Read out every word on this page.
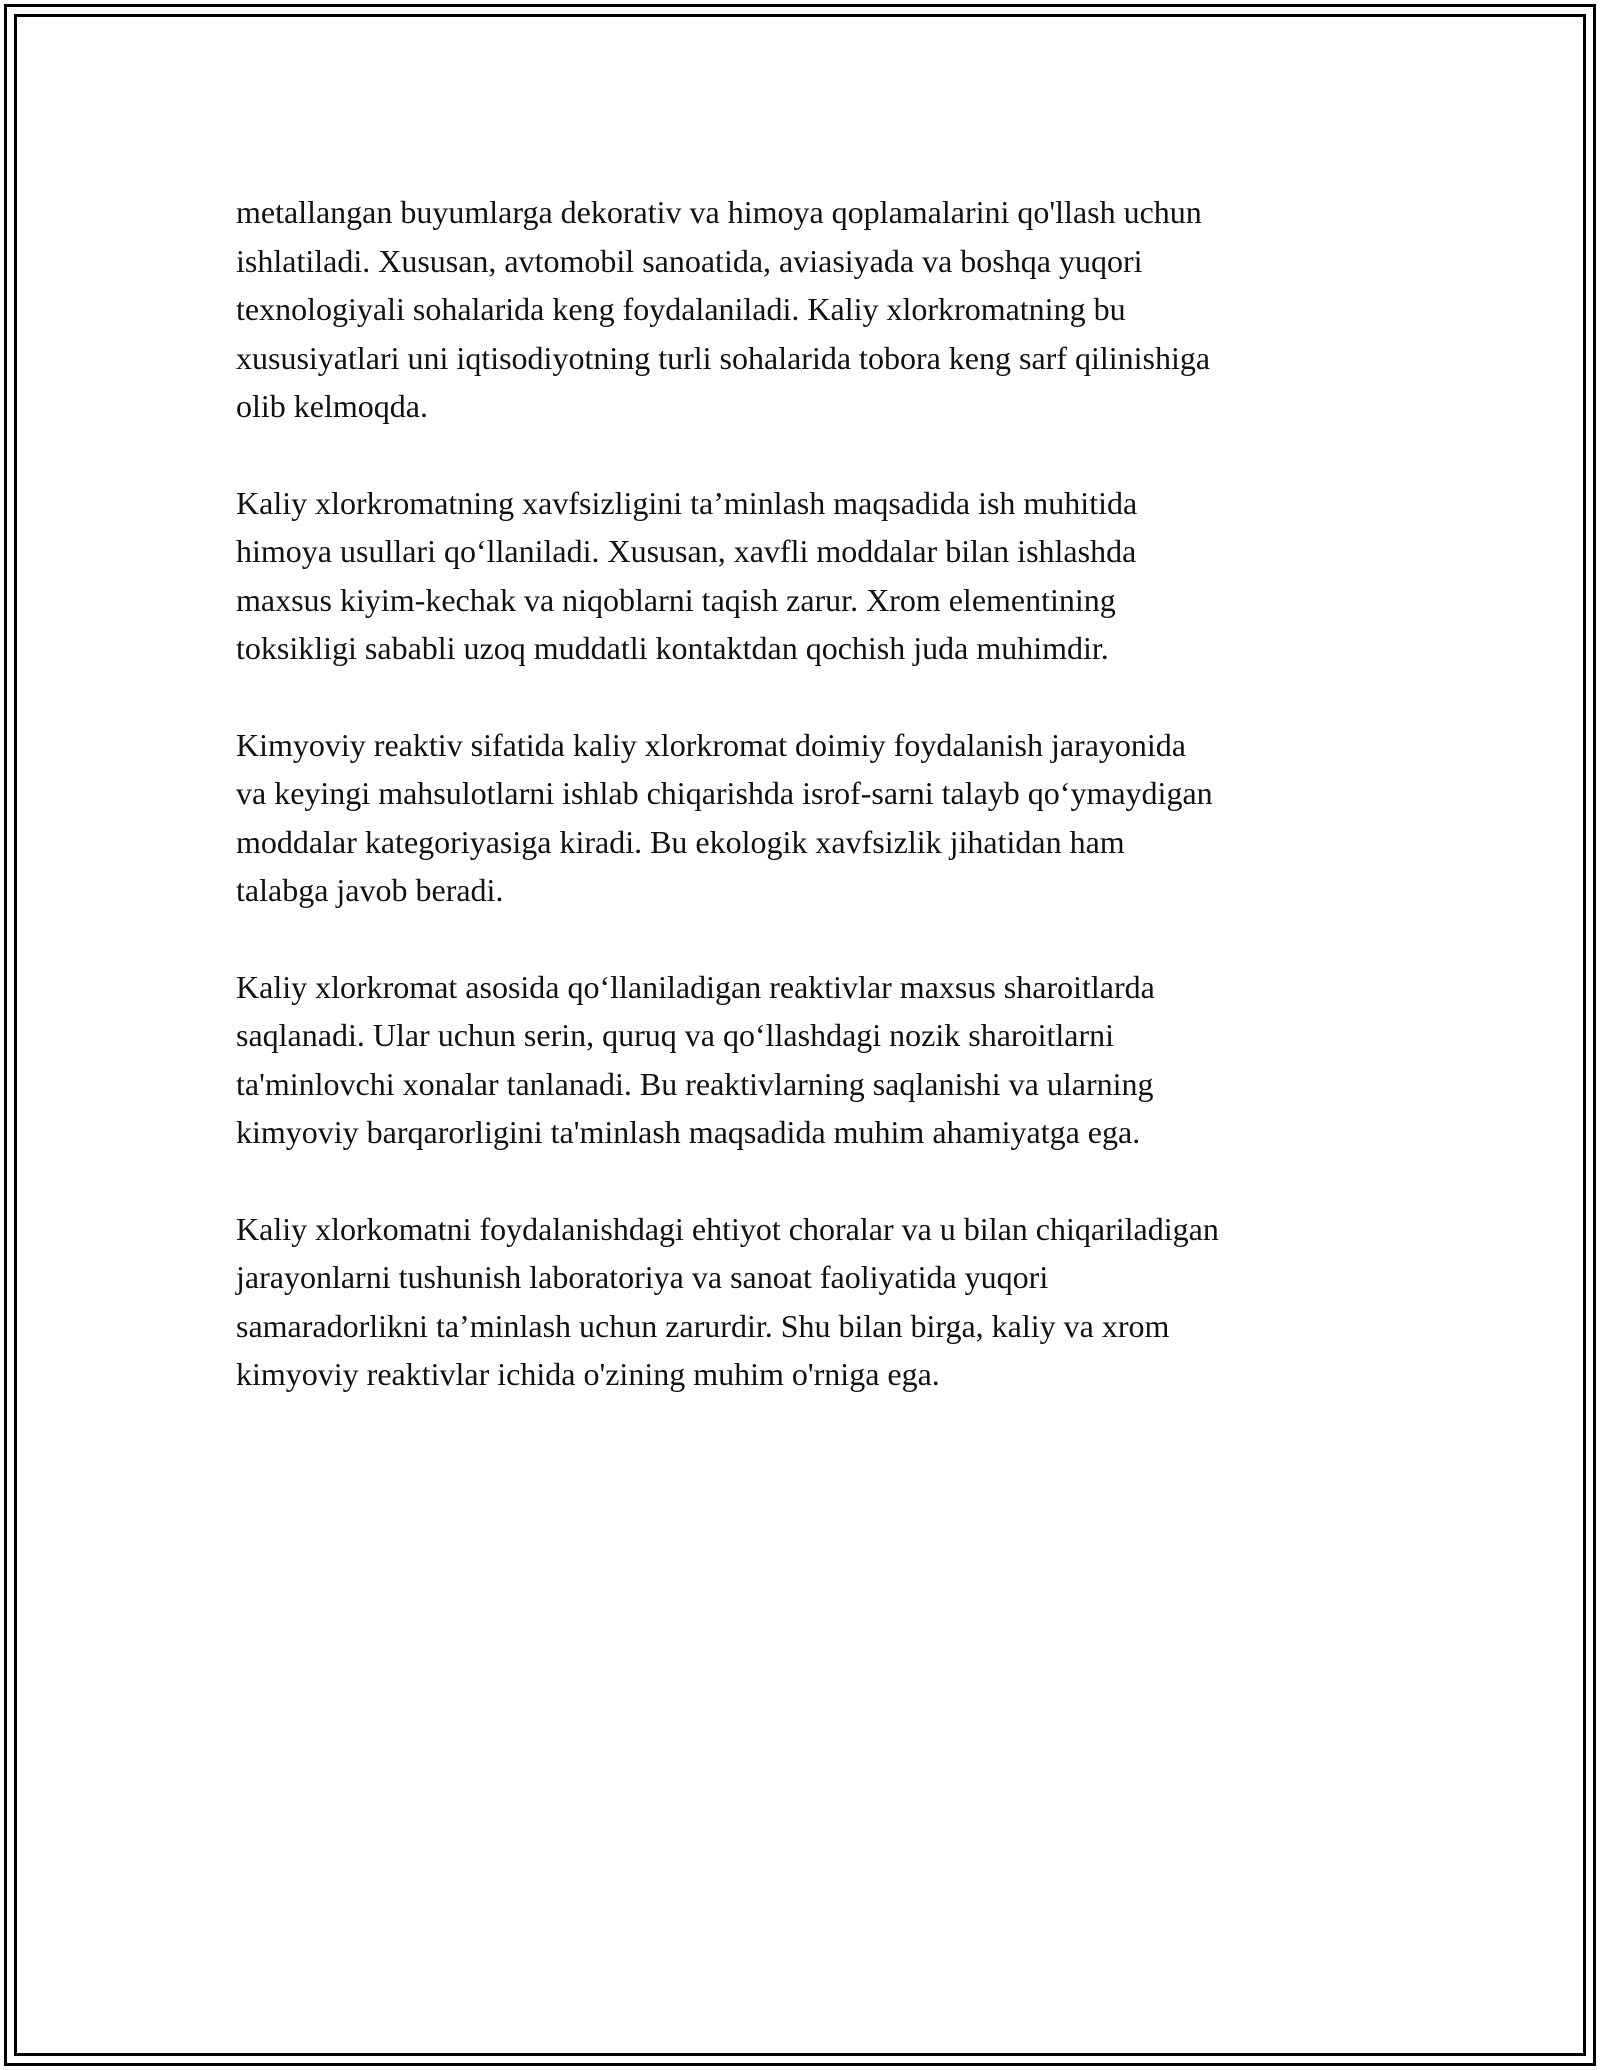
metallangan buyumlarga dekorativ va himoya qoplamalarini qo'llash uchun
ishlatiladi. Xususan, avtomobil sanoatida, aviasiyada va boshqa yuqori
texnologiyali sohalarida keng foydalaniladi. Kaliy xlorkromatning bu
xususiyatlari uni iqtisodiyotning turli sohalarida tobora keng sarf qilinishiga
olib kelmoqda.

Kaliy xlorkromatning xavfsizligini ta’minlash maqsadida ish muhitida
himoya usullari qo‘llaniladi. Xususan, xavfli moddalar bilan ishlashda
maxsus kiyim-kechak va niqoblarni taqish zarur. Xrom elementining
toksikligi sababli uzoq muddatli kontaktdan qochish juda muhimdir.

Kimyoviy reaktiv sifatida kaliy xlorkromat doimiy foydalanish jarayonida
va keyingi mahsulotlarni ishlab chiqarishda isrof-sarni talayb qo‘ymaydigan
moddalar kategoriyasiga kiradi. Bu ekologik xavfsizlik jihatidan ham
talabga javob beradi.

Kaliy xlorkromat asosida qo‘llaniladigan reaktivlar maxsus sharoitlarda
saqlanadi. Ular uchun serin, quruq va qo‘llashdagi nozik sharoitlarni
ta'minlovchi xonalar tanlanadi. Bu reaktivlarning saqlanishi va ularning
kimyoviy barqarorligini ta'minlash maqsadida muhim ahamiyatga ega.

Kaliy xlorkomatni foydalanishdagi ehtiyot choralar va u bilan chiqariladigan
jarayonlarni tushunish laboratoriya va sanoat faoliyatida yuqori
samaradorlikni ta’minlash uchun zarurdir. Shu bilan birga, kaliy va xrom
kimyoviy reaktivlar ichida o'zining muhim o'rniga ega.
